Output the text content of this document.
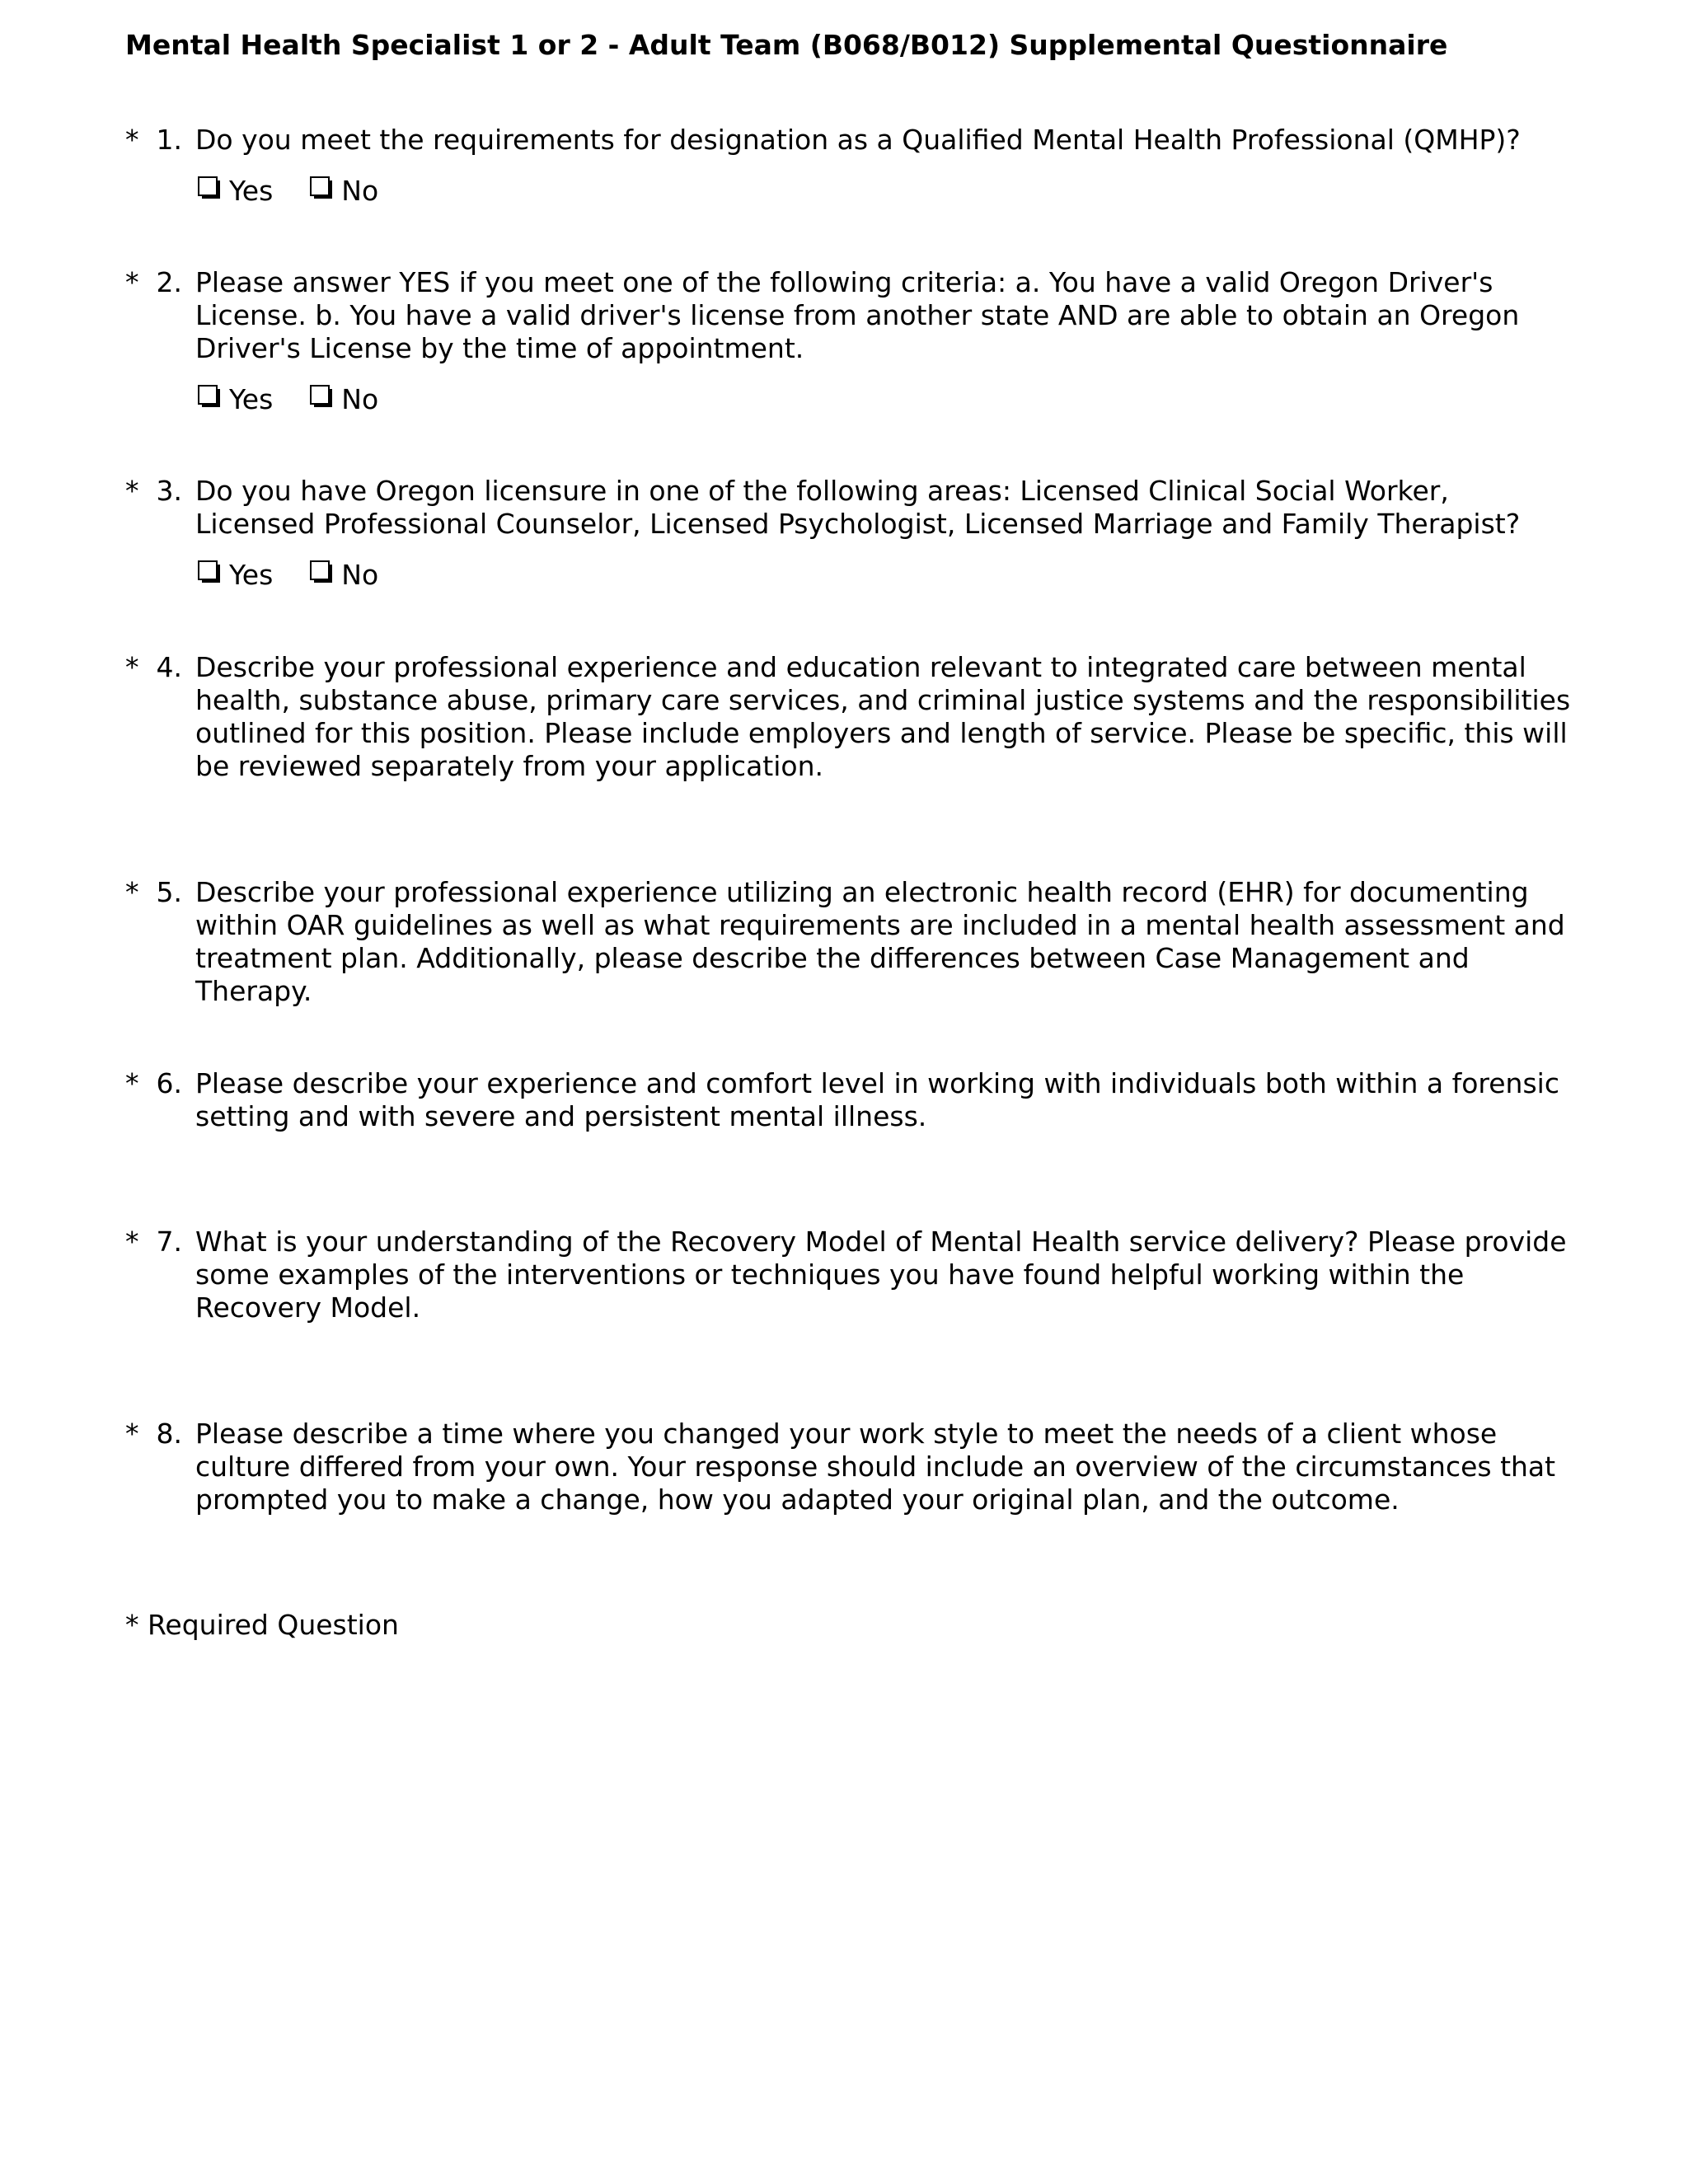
Mental Health Specialist 1 or 2 - Adult Team (B068/B012) Supplemental Questionnaire
* 1. Do you meet the requirements for designation as a Qualified Mental Health Professional (QMHP)?

Yes	No
* 2. Please answer YES if you meet one of the following criteria: a. You have a valid Oregon Driver's License. b. You have a valid driver's license from another state AND are able to obtain an Oregon Driver's License by the time of appointment.

Yes	No
* 3. Do you have Oregon licensure in one of the following areas: Licensed Clinical Social Worker, Licensed Professional Counselor, Licensed Psychologist, Licensed Marriage and Family Therapist?

Yes	No
* 4. Describe your professional experience and education relevant to integrated care between mental health, substance abuse, primary care services, and criminal justice systems and the responsibilities outlined for this position. Please include employers and length of service. Please be specific, this will be reviewed separately from your application.

* 5. Describe your professional experience utilizing an electronic health record (EHR) for documenting within OAR guidelines as well as what requirements are included in a mental health assessment and treatment plan. Additionally, please describe the differences between Case Management and Therapy.

* 6. Please describe your experience and comfort level in working with individuals both within a forensic setting and with severe and persistent mental illness.

* 7. What is your understanding of the Recovery Model of Mental Health service delivery? Please provide some examples of the interventions or techniques you have found helpful working within the Recovery Model.

* 8. Please describe a time where you changed your work style to meet the needs of a client whose culture differed from your own. Your response should include an overview of the circumstances that prompted you to make a change, how you adapted your original plan, and the outcome.

* Required Question
